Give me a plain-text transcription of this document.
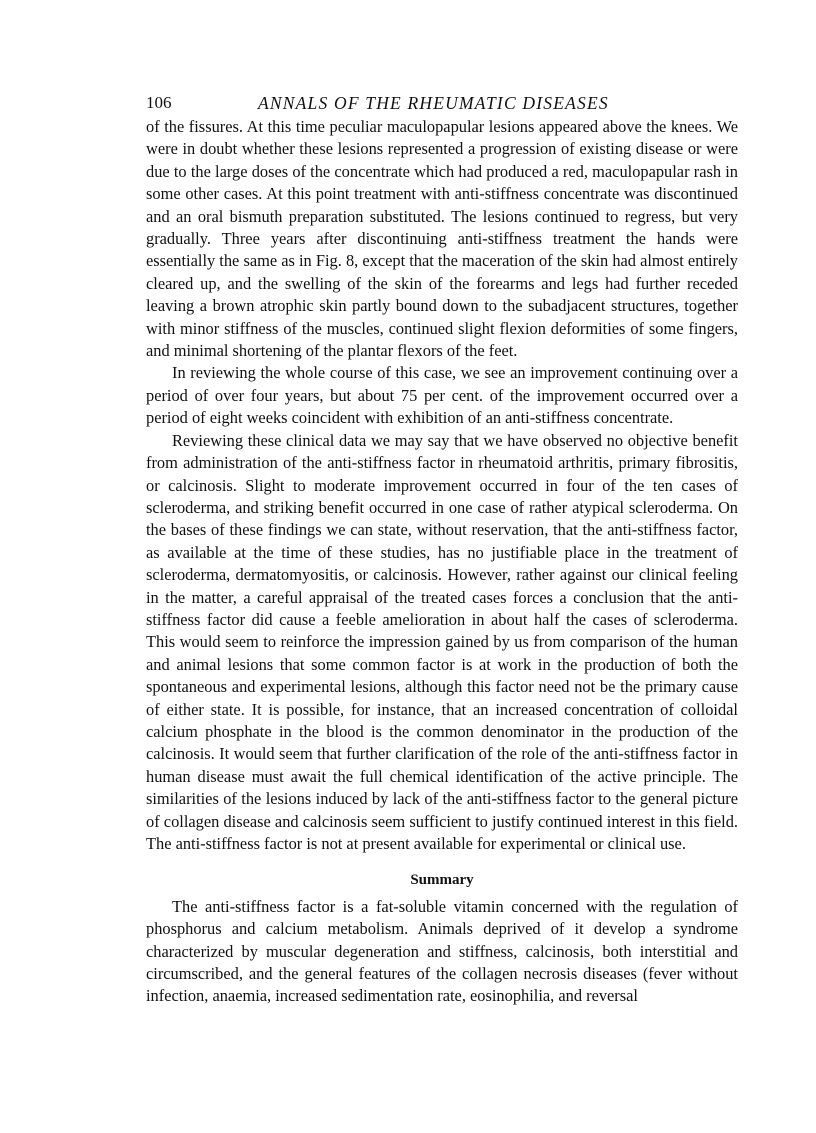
106	ANNALS OF THE RHEUMATIC DISEASES

of the fissures. At this time peculiar maculopapular lesions appeared above the knees. We were in doubt whether these lesions represented a progression of existing disease or were due to the large doses of the concentrate which had produced a red, maculopapular rash in some other cases. At this point treatment with anti-stiffness concentrate was discontinued and an oral bismuth preparation substituted. The lesions continued to regress, but very gradually. Three years after discontinuing anti-stiffness treatment the hands were essentially the same as in Fig. 8, except that the maceration of the skin had almost entirely cleared up, and the swelling of the skin of the forearms and legs had further receded leaving a brown atrophic skin partly bound down to the subadjacent structures, together with minor stiffness of the muscles, continued slight flexion deformities of some fingers, and minimal shortening of the plantar flexors of the feet.

In reviewing the whole course of this case, we see an improvement continuing over a period of over four years, but about 75 per cent. of the improvement occurred over a period of eight weeks coincident with exhibition of an anti-stiffness concentrate.

Reviewing these clinical data we may say that we have observed no objective benefit from administration of the anti-stiffness factor in rheumatoid arthritis, primary fibrositis, or calcinosis. Slight to moderate improvement occurred in four of the ten cases of scleroderma, and striking benefit occurred in one case of rather atypical scleroderma. On the bases of these findings we can state, without reservation, that the anti-stiffness factor, as available at the time of these studies, has no justifiable place in the treatment of scleroderma, dermatomyositis, or calcinosis. However, rather against our clinical feeling in the matter, a careful appraisal of the treated cases forces a conclusion that the anti-stiffness factor did cause a feeble amelioration in about half the cases of scleroderma. This would seem to reinforce the impression gained by us from comparison of the human and animal lesions that some common factor is at work in the production of both the spontaneous and experimental lesions, although this factor need not be the primary cause of either state. It is possible, for instance, that an increased concentration of colloidal calcium phosphate in the blood is the common denominator in the production of the calcinosis. It would seem that further clarification of the role of the anti-stiffness factor in human disease must await the full chemical identification of the active principle. The similarities of the lesions induced by lack of the anti-stiffness factor to the general picture of collagen disease and calcinosis seem sufficient to justify continued interest in this field. The anti-stiffness factor is not at present available for experimental or clinical use.

Summary

The anti-stiffness factor is a fat-soluble vitamin concerned with the regulation of phosphorus and calcium metabolism. Animals deprived of it develop a syndrome characterized by muscular degeneration and stiffness, calcinosis, both interstitial and circumscribed, and the general features of the collagen necrosis diseases (fever without infection, anaemia, increased sedimentation rate, eosinophilia, and reversal
